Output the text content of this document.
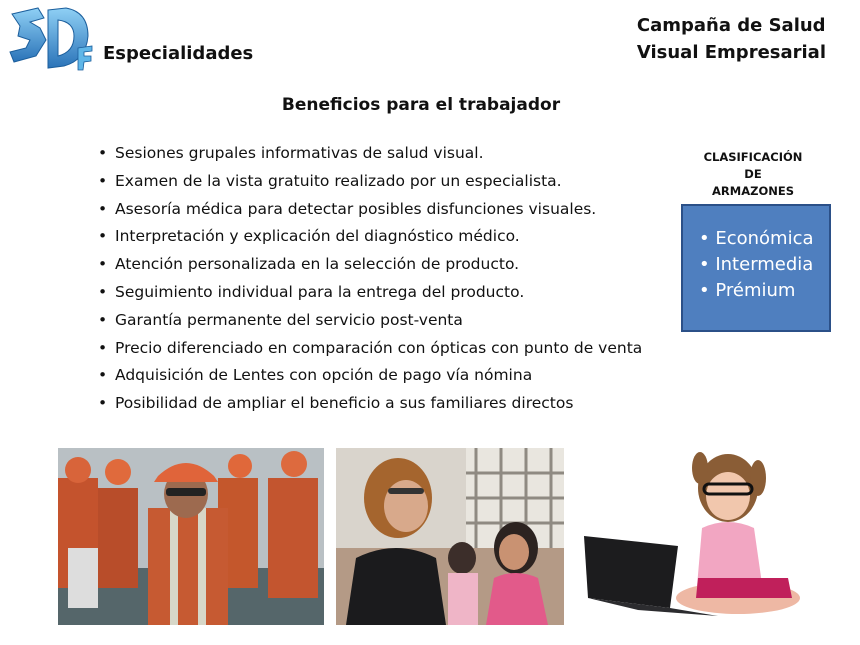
Especialidades
Campaña de Salud
Visual Empresarial
Beneficios para el trabajador
• Sesiones grupales informativas de salud visual.
• Examen de la vista gratuito realizado por un especialista.
• Asesoría médica para detectar posibles disfunciones visuales.
• Interpretación y explicación del diagnóstico médico.
• Atención personalizada en la selección de producto.
• Seguimiento individual para la entrega del producto.
• Garantía permanente del servicio post-venta
• Precio diferenciado en comparación con ópticas con punto de venta
• Adquisición de Lentes con opción de pago vía nómina
• Posibilidad de ampliar el beneficio a sus familiares directos
CLASIFICACIÓN
DE
ARMAZONES
• Económica
• Intermedia
• Prémium
